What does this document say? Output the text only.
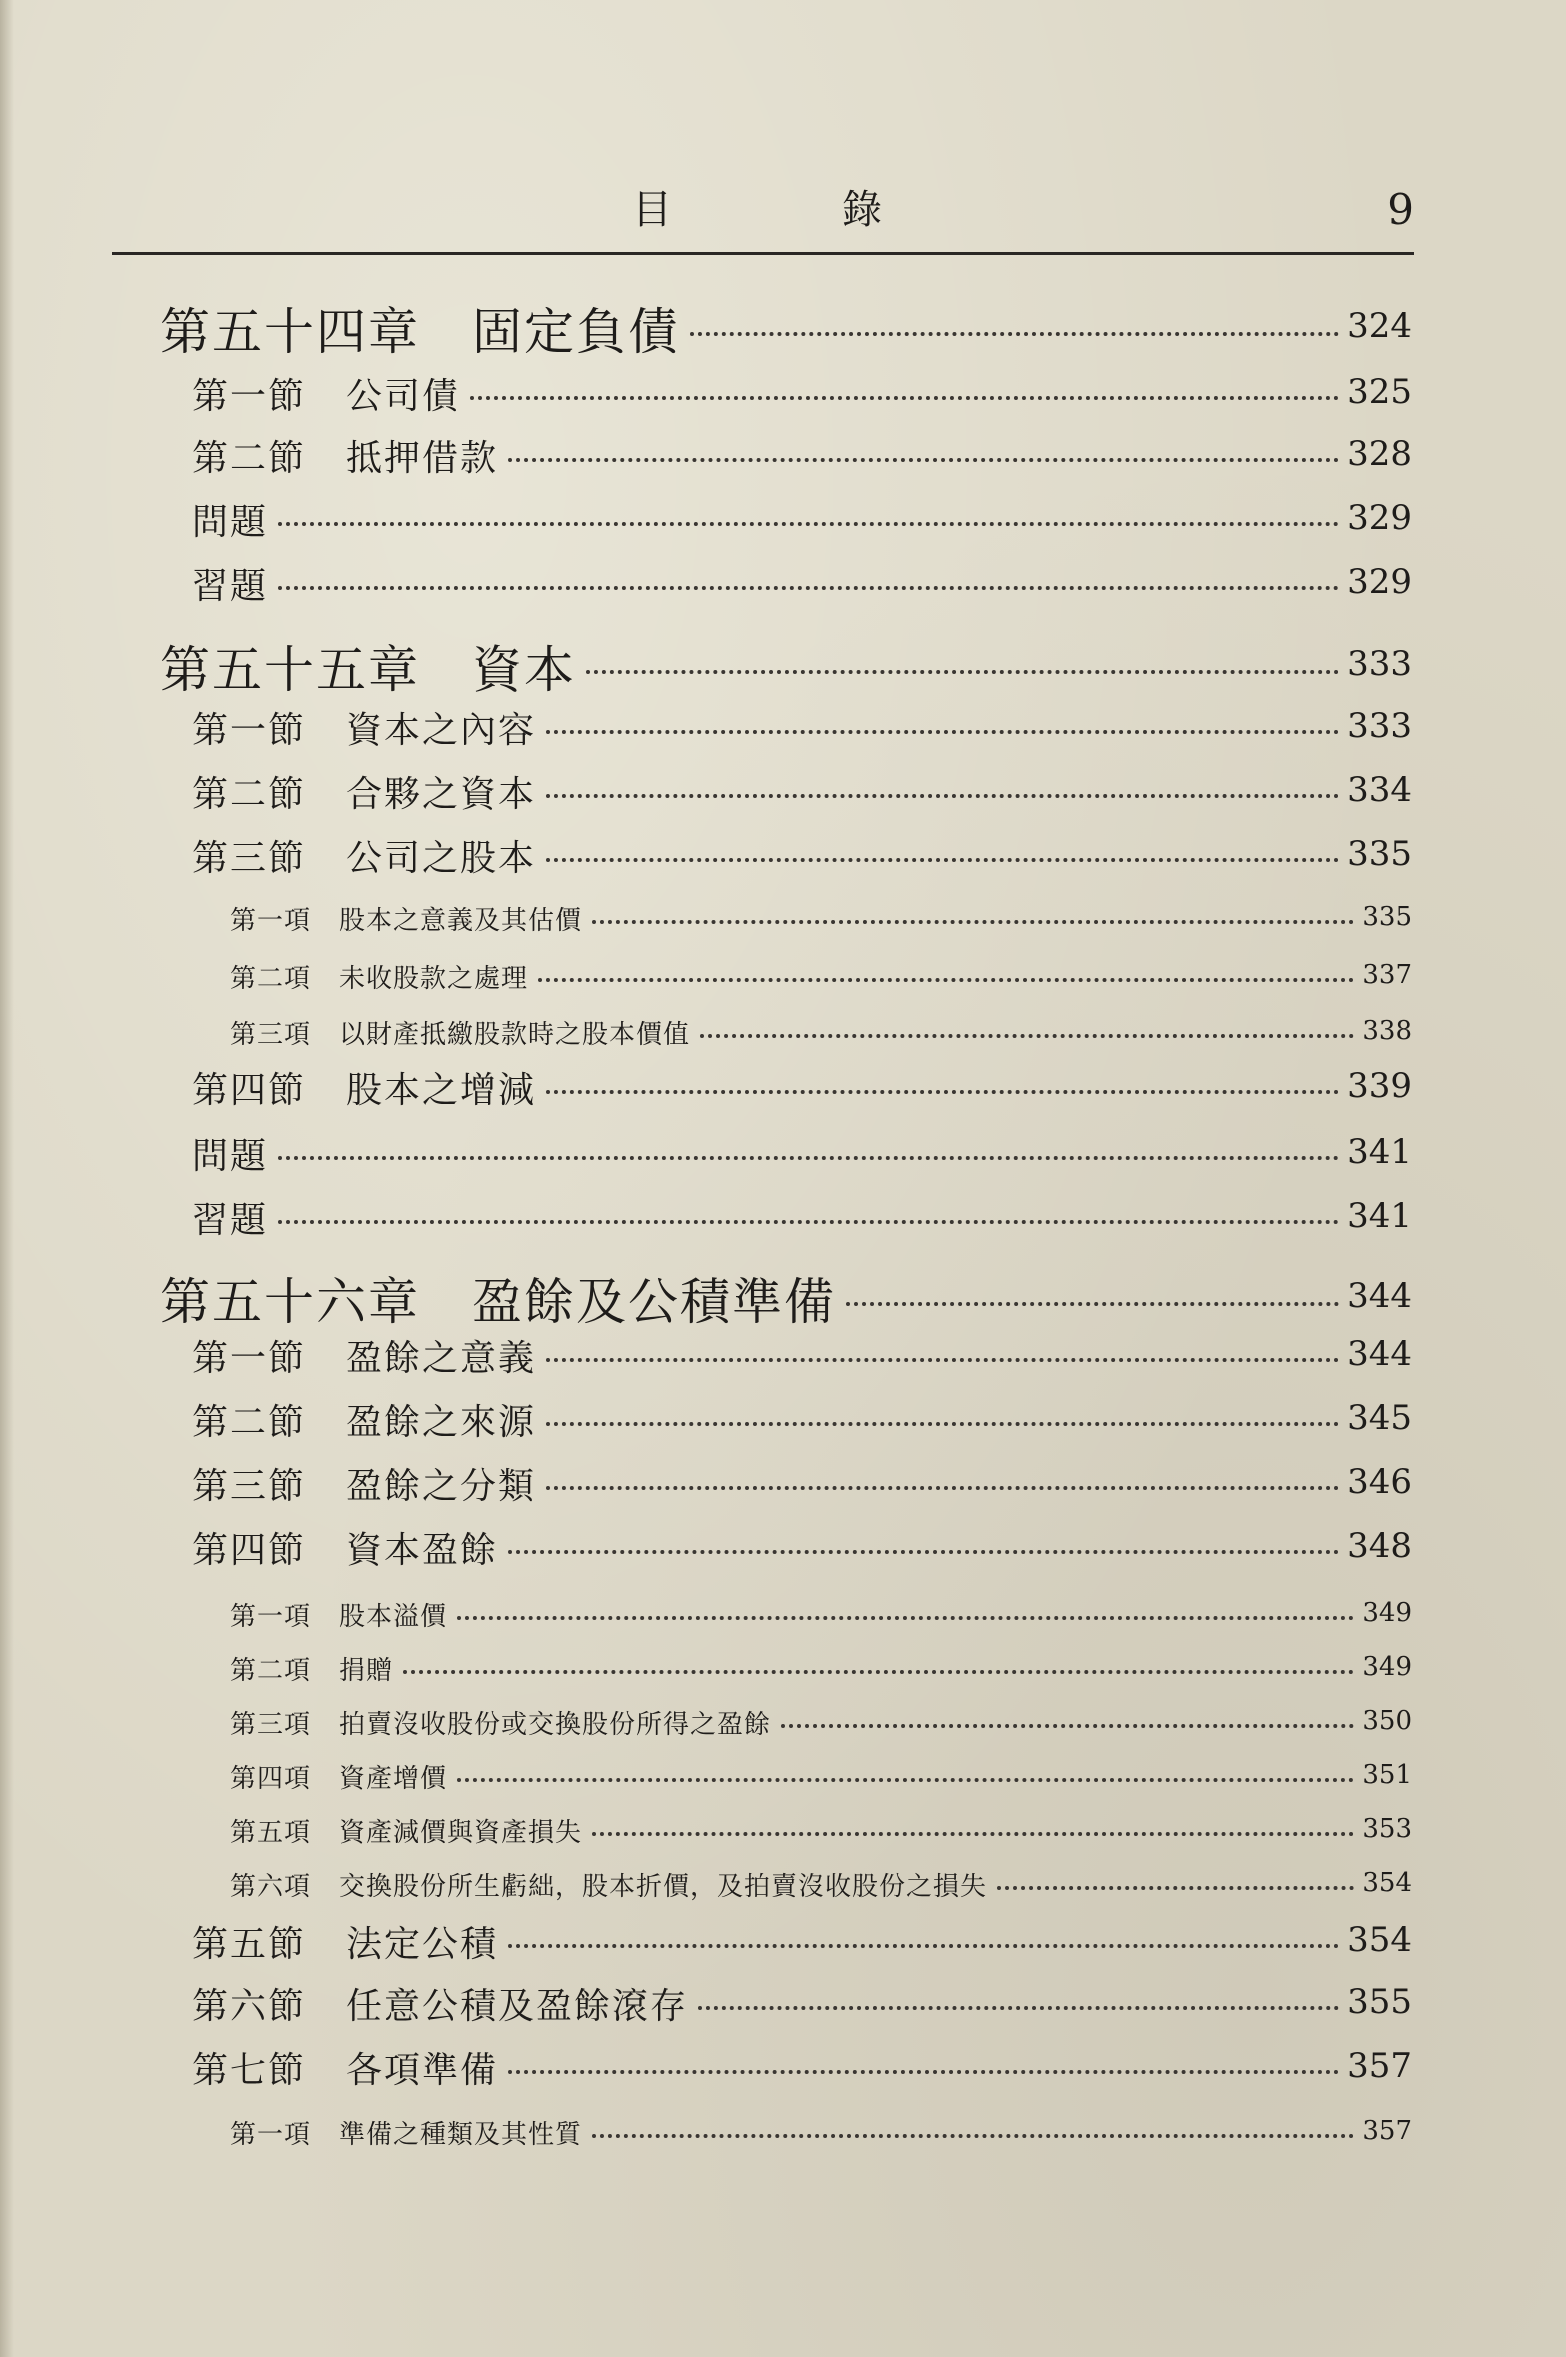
目	錄	9
第五十四章 固定負債	324
第一節 公司債	325
第二節 抵押借款	328
問題	329
習題	329
第五十五章 資本	333
第一節 資本之內容	333
第二節 合夥之資本	334
第三節 公司之股本	335
第一項 股本之意義及其估價	335
第二項 未收股款之處理	337
第三項 以財產抵繳股款時之股本價值	338
第四節 股本之增減	339
問題	341
習題	341
第五十六章 盈餘及公積準備	344
第一節 盈餘之意義	344
第二節 盈餘之來源	345
第三節 盈餘之分類	346
第四節 資本盈餘	348
第一項 股本溢價	349
第二項 捐贈	349
第三項 拍賣沒收股份或交換股份所得之盈餘	350
第四項 資產增價	351
第五項 資產減價與資產損失	353
第六項 交換股份所生虧絀，股本折價，及拍賣沒收股份之損失	354
第五節 法定公積	354
第六節 任意公積及盈餘滾存	355
第七節 各項準備	357
第一項 準備之種類及其性質	357
